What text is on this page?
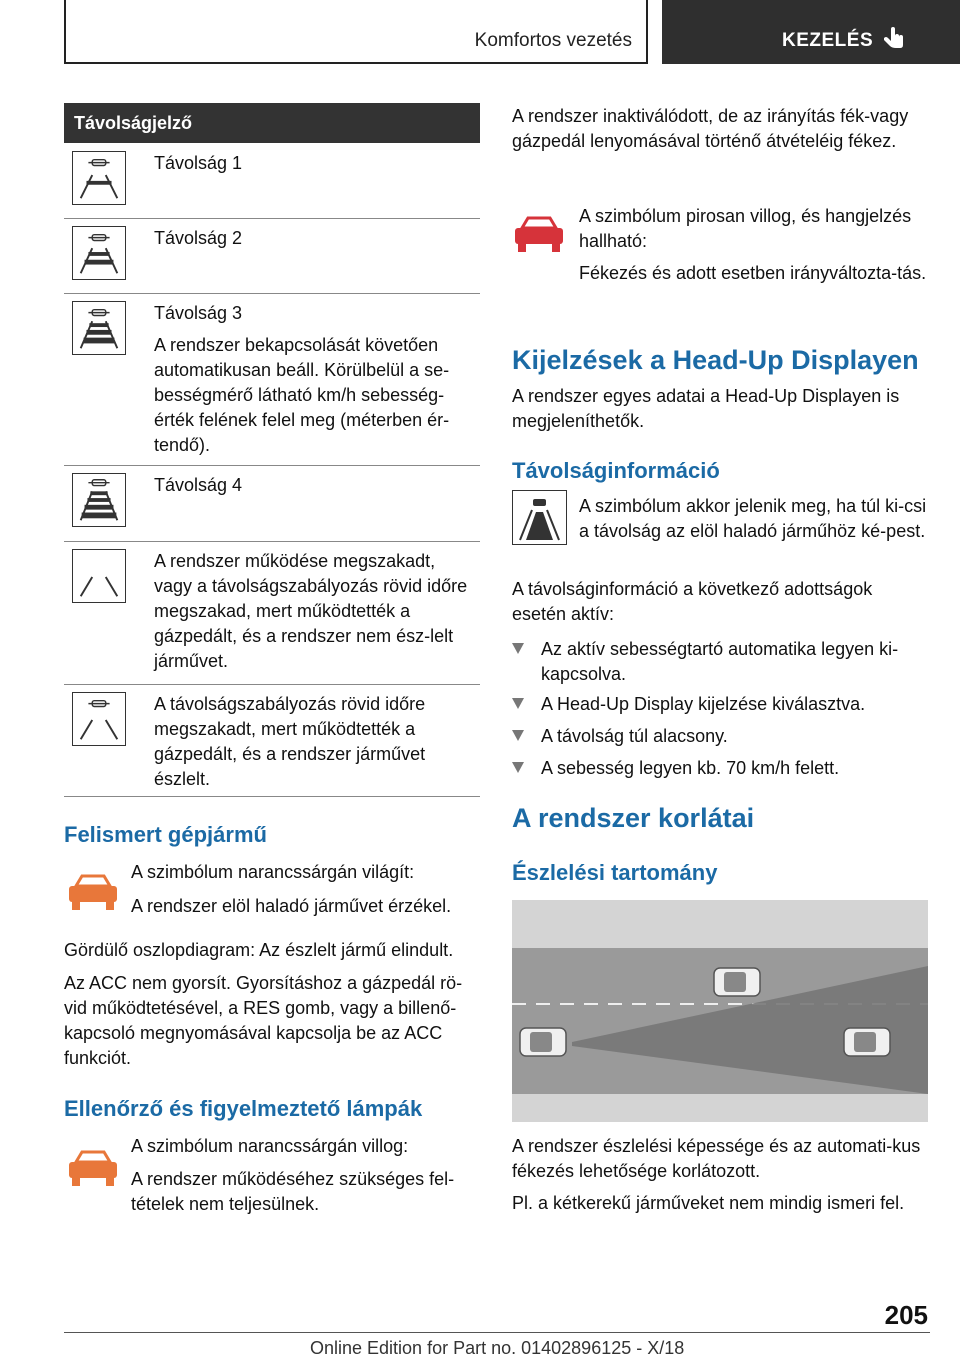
Komfortos vezetés	KEZELÉS
Távolságjelző

Távolság 1

Távolság 2

Távolság 3

A rendszer bekapcsolását követően automatikusan beáll. Körülbelül a se-bességmérő látható km/h sebesség-érték felének felel meg (méterben ér-tendő).

Távolság 4

A rendszer működése megszakadt, vagy a távolságszabályozás rövid időre megszakad, mert működtették a gázpedált, és a rendszer nem ész-lelt járművet.

A távolságszabályozás rövid időre megszakadt, mert működtették a gázpedált, és a rendszer járművet észlelt.

Felismert gépjármű

A szimbólum narancssárgán világít:

A rendszer elöl haladó járművet érzékel.

Gördülő oszlopdiagram: Az észlelt jármű elindult.

Az ACC nem gyorsít. Gyorsításhoz a gázpedál rö-vid működtetésével, a RES gomb, vagy a billenő-kapcsoló megnyomásával kapcsolja be az ACC funkciót.

Ellenőrző és figyelmeztető lámpák

A szimbólum narancssárgán villog:

A rendszer működéséhez szükséges fel-tételek nem teljesülnek.

A rendszer inaktiválódott, de az irányítás fék-vagy gázpedál lenyomásával történő átvételéig fékez.

A szimbólum pirosan villog, és hangjelzés hallható:

Fékezés és adott esetben irányváltozta-tás.

Kijelzések a Head-Up Displayen

A rendszer egyes adatai a Head-Up Displayen is megjeleníthetők.

Távolságinformáció

A szimbólum akkor jelenik meg, ha túl ki-csi a távolság az elöl haladó járműhöz ké-pest.

A távolságinformáció a következő adottságok esetén aktív:

Az aktív sebességtartó automatika legyen ki-kapcsolva.

A Head-Up Display kijelzése kiválasztva.

A távolság túl alacsony.

A sebesség legyen kb. 70 km/h felett.

A rendszer korlátai
Észlelési tartomány

A rendszer észlelési képessége és az automati-kus fékezés lehetősége korlátozott.

Pl. a kétkerekű járműveket nem mindig ismeri fel.

205
Online Edition for Part no. 01402896125 - X/18
